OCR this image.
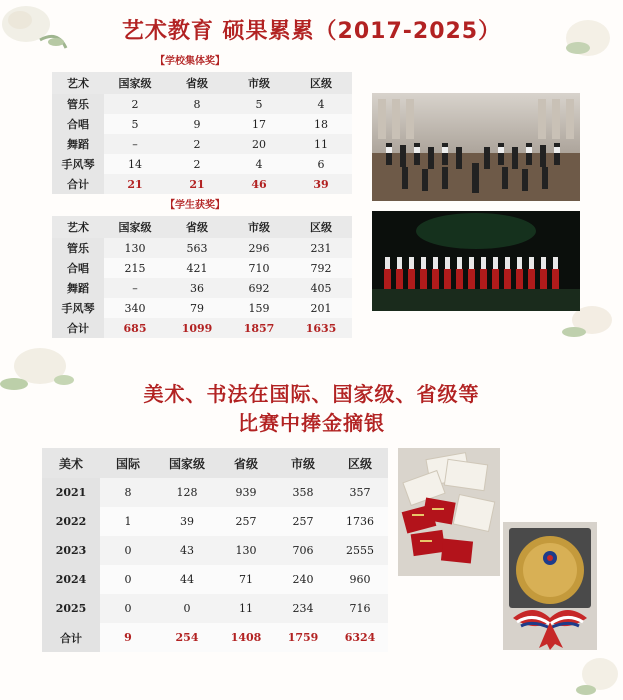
艺术教育 硕果累累（2017-2025）
【学校集体奖】
艺术	国家级	省级	市级	区级
管乐	2	8	5	4
合唱	5	9	17	18
舞蹈	–	2	20	11
手风琴	14	2	4	6
合计	21	21	46	39
【学生获奖】
艺术	国家级	省级	市级	区级
管乐	130	563	296	231
合唱	215	421	710	792
舞蹈	–	36	692	405
手风琴	340	79	159	201
合计	685	1099	1857	1635
美术、书法在国际、国家级、省级等
比赛中捧金摘银
美术	国际	国家级	省级	市级	区级
2021	8	128	939	358	357
2022	1	39	257	257	1736
2023	0	43	130	706	2555
2024	0	44	71	240	960
2025	0	0	11	234	716
合计	9	254	1408	1759	6324
